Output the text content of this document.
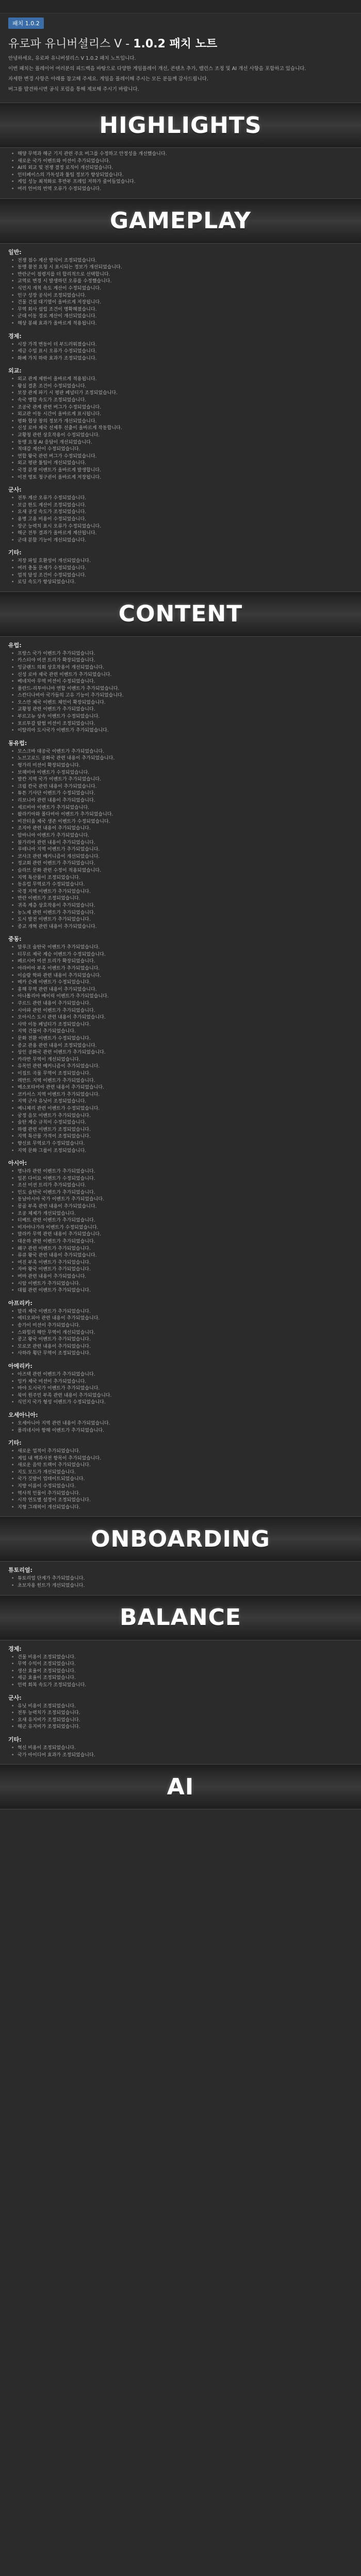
패치 1.0.2
유로파 유니버셜리스 V - 1.0.2 패치 노트

안녕하세요, 유로파 유니버셜리스 V 1.0.2 패치 노트입니다.

이번 패치는 플레이어 여러분의 피드백을 바탕으로 다양한 게임플레이 개선, 콘텐츠 추가, 밸런스 조정 및 AI 개선 사항을 포함하고 있습니다.

자세한 변경 사항은 아래를 참고해 주세요. 게임을 플레이해 주시는 모든 분들께 감사드립니다.

버그를 발견하시면 공식 포럼을 통해 제보해 주시기 바랍니다.

HIGHLIGHTS
• 해양 무역과 해군 기지 관련 주요 버그를 수정하고 안정성을 개선했습니다.
• 새로운 국가 이벤트와 미션이 추가되었습니다.
• AI의 외교 및 전쟁 결정 로직이 개선되었습니다.
• 인터페이스의 가독성과 툴팁 정보가 향상되었습니다.
• 게임 성능 최적화로 후반부 프레임 저하가 줄어들었습니다.
• 여러 언어의 번역 오류가 수정되었습니다.
GAMEPLAY
일반:
• 전쟁 점수 계산 방식이 조정되었습니다.
• 동맹 참전 요청 시 표시되는 정보가 개선되었습니다.
• 반란군이 점령지를 더 합리적으로 선택합니다.
• 교역로 변경 시 발생하던 오류를 수정했습니다.
• 식민지 개척 속도 계산이 수정되었습니다.
• 인구 성장 공식이 조정되었습니다.
• 건물 건설 대기열이 올바르게 저장됩니다.
• 무역 회사 설립 조건이 명확해졌습니다.
• 군대 이동 경로 계산이 개선되었습니다.
• 해상 봉쇄 효과가 올바르게 적용됩니다.
경제:
• 시장 가격 변동이 더 부드러워졌습니다.
• 세금 수입 표시 오류가 수정되었습니다.
• 화폐 가치 하락 효과가 조정되었습니다.
외교:
• 외교 관계 제한이 올바르게 적용됩니다.
• 왕실 결혼 조건이 수정되었습니다.
• 보장 관계 파기 시 평판 페널티가 조정되었습니다.
• 속국 병합 속도가 조정되었습니다.
• 조공국 관계 관련 버그가 수정되었습니다.
• 외교관 이동 시간이 올바르게 표시됩니다.
• 평화 협상 창의 정보가 개선되었습니다.
• 신성 로마 제국 선제후 선출이 올바르게 작동합니다.
• 교황청 관련 상호작용이 수정되었습니다.
• 동맹 요청 AI 응답이 개선되었습니다.
• 적대감 계산이 수정되었습니다.
• 연합 왕국 관련 버그가 수정되었습니다.
• 외교 평판 툴팁이 개선되었습니다.
• 국경 분쟁 이벤트가 올바르게 발생합니다.
• 이전 영토 청구권이 올바르게 저장됩니다.
군사:
• 전투 계산 오류가 수정되었습니다.
• 보급 한도 계산이 조정되었습니다.
• 요새 공성 속도가 조정되었습니다.
• 용병 고용 비용이 수정되었습니다.
• 장군 능력치 표시 오류가 수정되었습니다.
• 해군 전투 결과가 올바르게 계산됩니다.
• 군대 분할 기능이 개선되었습니다.
기타:
• 저장 파일 호환성이 개선되었습니다.
• 여러 충돌 문제가 수정되었습니다.
• 업적 달성 조건이 수정되었습니다.
• 로딩 속도가 향상되었습니다.
CONTENT
유럽:
• 프랑스 국가 이벤트가 추가되었습니다.
• 카스티야 미션 트리가 확장되었습니다.
• 잉글랜드 의회 상호작용이 개선되었습니다.
• 신성 로마 제국 관련 이벤트가 추가되었습니다.
• 베네치아 무역 미션이 수정되었습니다.
• 폴란드-리투아니아 연합 이벤트가 추가되었습니다.
• 스칸디나비아 국가들의 고유 기능이 추가되었습니다.
• 오스만 제국 이벤트 체인이 확장되었습니다.
• 교황청 관련 이벤트가 추가되었습니다.
• 부르고뉴 상속 이벤트가 수정되었습니다.
• 포르투갈 탐험 미션이 조정되었습니다.
• 이탈리아 도시국가 이벤트가 추가되었습니다.
동유럽:
• 모스크바 대공국 이벤트가 추가되었습니다.
• 노브고로드 공화국 관련 내용이 추가되었습니다.
• 헝가리 미션이 확장되었습니다.
• 보헤미아 이벤트가 수정되었습니다.
• 발칸 지역 국가 이벤트가 추가되었습니다.
• 크림 칸국 관련 내용이 추가되었습니다.
• 튜튼 기사단 이벤트가 수정되었습니다.
• 리보니아 관련 내용이 추가되었습니다.
• 세르비아 이벤트가 추가되었습니다.
• 왈라키아와 몰다비아 이벤트가 추가되었습니다.
• 비잔티움 제국 생존 이벤트가 수정되었습니다.
• 조지아 관련 내용이 추가되었습니다.
• 알바니아 이벤트가 추가되었습니다.
• 불가리아 관련 내용이 추가되었습니다.
• 루테니아 지역 이벤트가 추가되었습니다.
• 코사크 관련 메커니즘이 개선되었습니다.
• 정교회 관련 이벤트가 추가되었습니다.
• 슬라브 문화 관련 수정이 적용되었습니다.
• 지역 특산품이 조정되었습니다.
• 동유럽 무역로가 수정되었습니다.
• 국경 지역 이벤트가 추가되었습니다.
• 반란 이벤트가 조정되었습니다.
• 귀족 계층 상호작용이 추가되었습니다.
• 농노제 관련 이벤트가 추가되었습니다.
• 도시 발전 이벤트가 추가되었습니다.
• 종교 개혁 관련 내용이 추가되었습니다.
중동:
• 맘루크 술탄국 이벤트가 추가되었습니다.
• 티무르 제국 계승 이벤트가 수정되었습니다.
• 페르시아 미션 트리가 확장되었습니다.
• 아라비아 부족 이벤트가 추가되었습니다.
• 이슬람 학파 관련 내용이 추가되었습니다.
• 메카 순례 이벤트가 수정되었습니다.
• 홍해 무역 관련 내용이 추가되었습니다.
• 아나톨리아 베이릭 이벤트가 추가되었습니다.
• 쿠르드 관련 내용이 추가되었습니다.
• 시아파 관련 이벤트가 추가되었습니다.
• 오아시스 도시 관련 내용이 추가되었습니다.
• 사막 이동 페널티가 조정되었습니다.
• 지역 건물이 추가되었습니다.
• 문화 전환 이벤트가 수정되었습니다.
• 종교 관용 관련 내용이 조정되었습니다.
• 상인 공화국 관련 이벤트가 추가되었습니다.
• 카라반 무역이 개선되었습니다.
• 유목민 관련 메커니즘이 추가되었습니다.
• 이집트 곡물 무역이 조정되었습니다.
• 레반트 지역 이벤트가 추가되었습니다.
• 메소포타미아 관련 내용이 추가되었습니다.
• 코카서스 지역 이벤트가 추가되었습니다.
• 지역 군사 유닛이 조정되었습니다.
• 예니체리 관련 이벤트가 수정되었습니다.
• 궁정 음모 이벤트가 추가되었습니다.
• 술탄 계승 규칙이 수정되었습니다.
• 하렘 관련 이벤트가 조정되었습니다.
• 지역 특산품 가격이 조정되었습니다.
• 향신료 무역로가 수정되었습니다.
• 지역 문화 그룹이 조정되었습니다.
아시아:
• 명나라 관련 이벤트가 추가되었습니다.
• 일본 다이묘 이벤트가 수정되었습니다.
• 조선 미션 트리가 추가되었습니다.
• 인도 술탄국 이벤트가 추가되었습니다.
• 동남아시아 국가 이벤트가 추가되었습니다.
• 몽골 부족 관련 내용이 추가되었습니다.
• 조공 체제가 개선되었습니다.
• 티베트 관련 이벤트가 추가되었습니다.
• 비자야나가라 이벤트가 수정되었습니다.
• 말라카 무역 관련 내용이 추가되었습니다.
• 대운하 관련 이벤트가 추가되었습니다.
• 왜구 관련 이벤트가 추가되었습니다.
• 류큐 왕국 관련 내용이 추가되었습니다.
• 여진 부족 이벤트가 추가되었습니다.
• 자바 왕국 이벤트가 추가되었습니다.
• 버마 관련 내용이 추가되었습니다.
• 시암 이벤트가 추가되었습니다.
• 대월 관련 이벤트가 추가되었습니다.
아프리카:
• 말리 제국 이벤트가 추가되었습니다.
• 에티오피아 관련 내용이 추가되었습니다.
• 송가이 미션이 추가되었습니다.
• 스와힐리 해안 무역이 개선되었습니다.
• 콩고 왕국 이벤트가 추가되었습니다.
• 모로코 관련 내용이 추가되었습니다.
• 사하라 횡단 무역이 조정되었습니다.
아메리카:
• 아즈텍 관련 이벤트가 추가되었습니다.
• 잉카 제국 미션이 추가되었습니다.
• 마야 도시국가 이벤트가 추가되었습니다.
• 북미 원주민 부족 관련 내용이 추가되었습니다.
• 식민지 국가 형성 이벤트가 수정되었습니다.
오세아니아:
• 오세아니아 지역 관련 내용이 추가되었습니다.
• 폴리네시아 항해 이벤트가 추가되었습니다.
기타:
• 새로운 업적이 추가되었습니다.
• 게임 내 백과사전 항목이 추가되었습니다.
• 새로운 음악 트랙이 추가되었습니다.
• 지도 모드가 개선되었습니다.
• 국가 깃발이 업데이트되었습니다.
• 지방 이름이 수정되었습니다.
• 역사적 인물이 추가되었습니다.
• 시작 연도별 설정이 조정되었습니다.
• 지형 그래픽이 개선되었습니다.
ONBOARDING
튜토리얼:
• 튜토리얼 단계가 추가되었습니다.
• 초보자용 힌트가 개선되었습니다.
BALANCE
경제:
• 건물 비용이 조정되었습니다.
• 무역 수익이 조정되었습니다.
• 생산 효율이 조정되었습니다.
• 세금 효율이 조정되었습니다.
• 인력 회복 속도가 조정되었습니다.
군사:
• 유닛 비용이 조정되었습니다.
• 전투 능력치가 조정되었습니다.
• 요새 유지비가 조정되었습니다.
• 해군 유지비가 조정되었습니다.
기타:
• 혁신 비용이 조정되었습니다.
• 국가 아이디어 효과가 조정되었습니다.
AI
